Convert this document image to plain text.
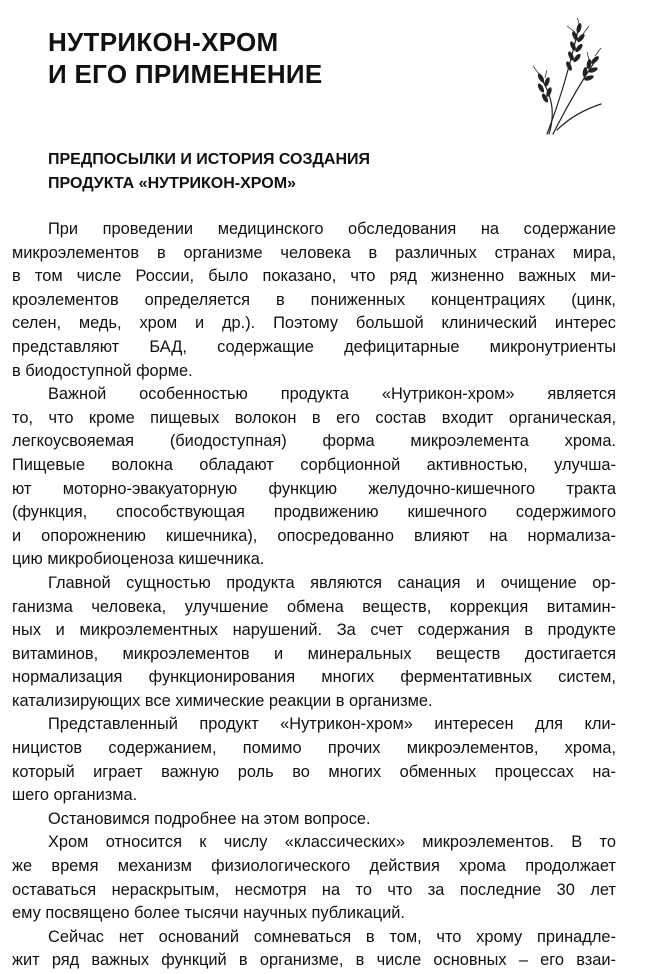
НУТРИКОН-ХРОМ
И ЕГО ПРИМЕНЕНИЕ
ПРЕДПОСЫЛКИ И ИСТОРИЯ СОЗДАНИЯ
ПРОДУКТА «НУТРИКОН-ХРОМ»
При проведении медицинского обследования на содержание
микроэлементов в организме человека в различных странах мира,
в том числе России, было показано, что ряд жизненно важных ми-
кроэлементов определяется в пониженных концентрациях (цинк,
селен, медь, хром и др.). Поэтому большой клинический интерес
представляют БАД, содержащие дефицитарные микронутриенты
в биодоступной форме.
Важной особенностью продукта «Нутрикон-хром» является
то, что кроме пищевых волокон в его состав входит органическая,
легкоусвояемая (биодоступная) форма микроэлемента хрома.
Пищевые волокна обладают сорбционной активностью, улучша-
ют моторно-эвакуаторную функцию желудочно-кишечного тракта
(функция, способствующая продвижению кишечного содержимого
и опорожнению кишечника), опосредованно влияют на нормализа-
цию микробиоценоза кишечника.
Главной сущностью продукта являются санация и очищение ор-
ганизма человека, улучшение обмена веществ, коррекция витамин-
ных и микроэлементных нарушений. За счет содержания в продукте
витаминов, микроэлементов и минеральных веществ достигается
нормализация функционирования многих ферментативных систем,
катализирующих все химические реакции в организме.
Представленный продукт «Нутрикон-хром» интересен для кли-
ницистов содержанием, помимо прочих микроэлементов, хрома,
который играет важную роль во многих обменных процессах на-
шего организма.
Остановимся подробнее на этом вопросе.
Хром относится к числу «классических» микроэлементов. В то
же время механизм физиологического действия хрома продолжает
оставаться нераскрытым, несмотря на то что за последние 30 лет
ему посвящено более тысячи научных публикаций.
Сейчас нет оснований сомневаться в том, что хрому принадле-
жит ряд важных функций в организме, в числе основных – его взаи-
